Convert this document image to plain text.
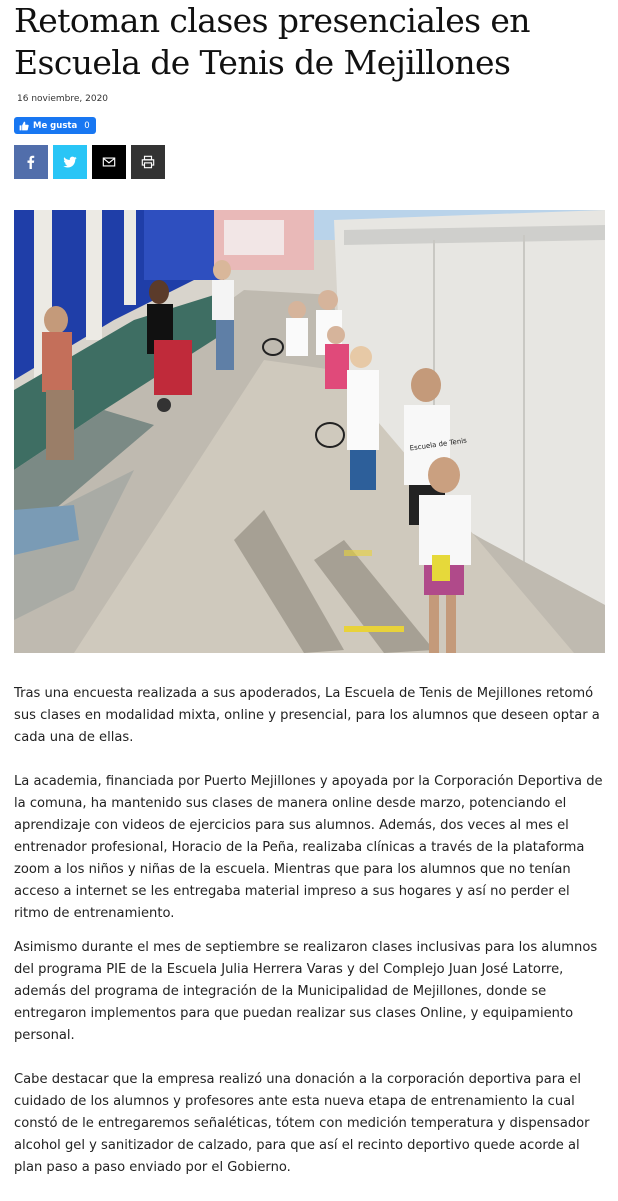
Retoman clases presenciales en
Escuela de Tenis de Mejillones
16 noviembre, 2020
Me gusta 0
Escuela de Tenis

Tras una encuesta realizada a sus apoderados, La Escuela de Tenis de Mejillones retomó sus clases en modalidad mixta, online y presencial, para los alumnos que deseen optar a cada una de ellas.

La academia, financiada por Puerto Mejillones y apoyada por la Corporación Deportiva de la comuna, ha mantenido sus clases de manera online desde marzo, potenciando el aprendizaje con videos de ejercicios para sus alumnos. Además, dos veces al mes el entrenador profesional, Horacio de la Peña, realizaba clínicas a través de la plataforma zoom a los niños y niñas de la escuela. Mientras que para los alumnos que no tenían acceso a internet se les entregaba material impreso a sus hogares y así no perder el ritmo de entrenamiento.

Asimismo durante el mes de septiembre se realizaron clases inclusivas para los alumnos del programa PIE de la Escuela Julia Herrera Varas y del Complejo Juan José Latorre, además del programa de integración de la Municipalidad de Mejillones, donde se entregaron implementos para que puedan realizar sus clases Online, y equipamiento personal.

Cabe destacar que la empresa realizó una donación a la corporación deportiva para el cuidado de los alumnos y profesores ante esta nueva etapa de entrenamiento la cual constó de le entregaremos señaléticas, tótem con medición temperatura y dispensador alcohol gel y sanitizador de calzado, para que así el recinto deportivo quede acorde al plan paso a paso enviado por el Gobierno.
